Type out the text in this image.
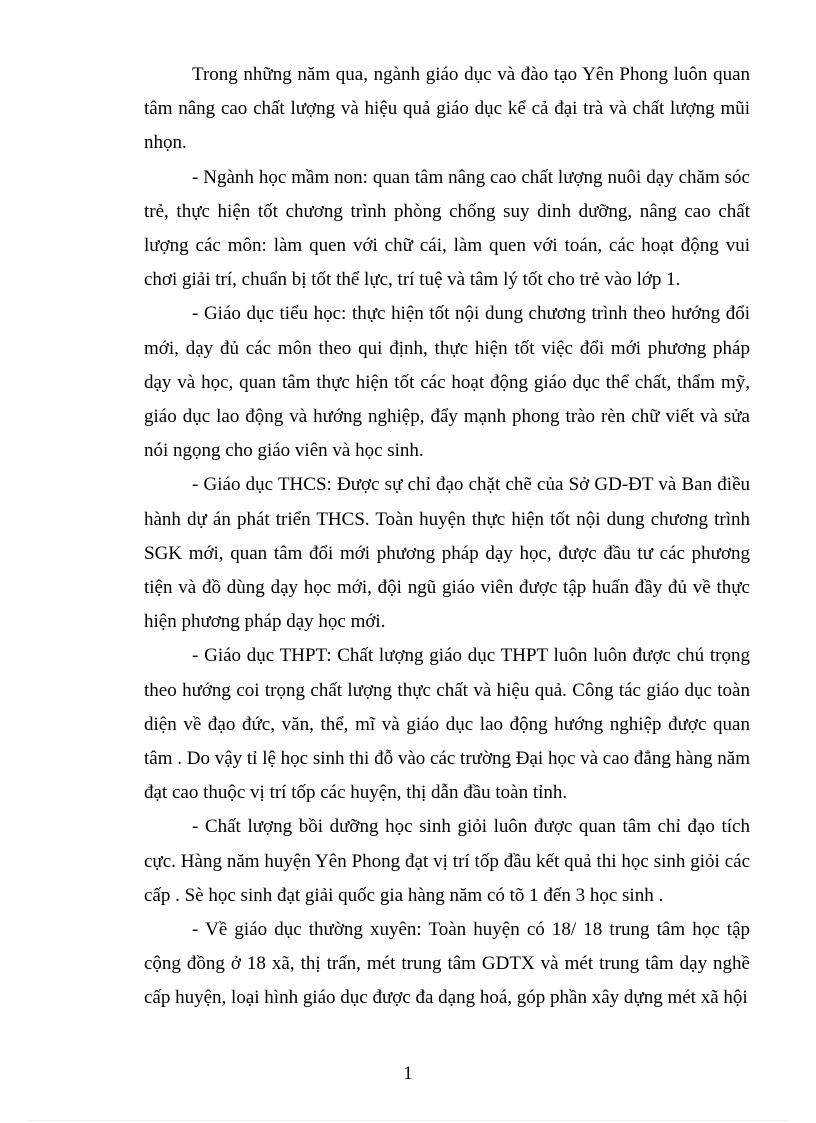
Trong những năm qua, ngành giáo dục và đào tạo Yên Phong luôn quan tâm nâng cao chất lượng và hiệu quả giáo dục kể cả đại trà và chất lượng mũi nhọn.

- Ngành học mầm non: quan tâm nâng cao chất lượng nuôi dạy chăm sóc trẻ, thực hiện tốt chương trình phòng chống suy dinh dưỡng, nâng cao chất lượng các môn: làm quen với chữ cái, làm quen với toán, các hoạt động vui chơi giải trí, chuẩn bị tốt thể lực, trí tuệ và tâm lý tốt cho trẻ vào lớp 1.

- Giáo dục tiểu học: thực hiện tốt nội dung chương trình theo hướng đổi mới, dạy đủ các môn theo qui định, thực hiện tốt việc đổi mới phương pháp dạy và học, quan tâm thực hiện tốt các hoạt động giáo dục thể chất, thẩm mỹ, giáo dục lao động và hướng nghiệp, đẩy mạnh phong trào rèn chữ viết và sửa nói ngọng cho giáo viên và học sinh.

- Giáo dục THCS: Được sự chỉ đạo chặt chẽ của Sở GD-ĐT và Ban điều hành dự án phát triển THCS. Toàn huyện thực hiện tốt nội dung chương trình SGK mới, quan tâm đổi mới phương pháp dạy học, được đầu tư các phương tiện và đồ dùng dạy học mới, đội ngũ giáo viên được tập huấn đầy đủ về thực hiện phương pháp dạy học mới.

- Giáo dục THPT: Chất lượng giáo dục THPT luôn luôn được chú trọng theo hướng coi trọng chất lượng thực chất và hiệu quả. Công tác giáo dục toàn diện về đạo đức, văn, thể, mĩ và giáo dục lao động hướng nghiệp được quan tâm . Do vậy tỉ lệ học sinh thi đỗ vào các trường Đại học và cao đẳng hàng năm đạt cao thuộc vị trí tốp các huyện, thị dẫn đầu toàn tỉnh.

- Chất lượng bồi dưỡng học sinh giỏi luôn được quan tâm chỉ đạo tích cực. Hàng năm huyện Yên Phong đạt vị trí tốp đầu kết quả thi học sinh giỏi các cấp . Sè học sinh đạt giải quốc gia hàng năm có tõ 1 đến 3 học sinh .

- Về giáo dục thường xuyên: Toàn huyện có 18/ 18 trung tâm học tập cộng đồng ở 18 xã, thị trấn, mét trung tâm GDTX và mét trung tâm dạy nghề cấp huyện, loại hình giáo dục được đa dạng hoá, góp phần xây dựng mét xã hội

1
